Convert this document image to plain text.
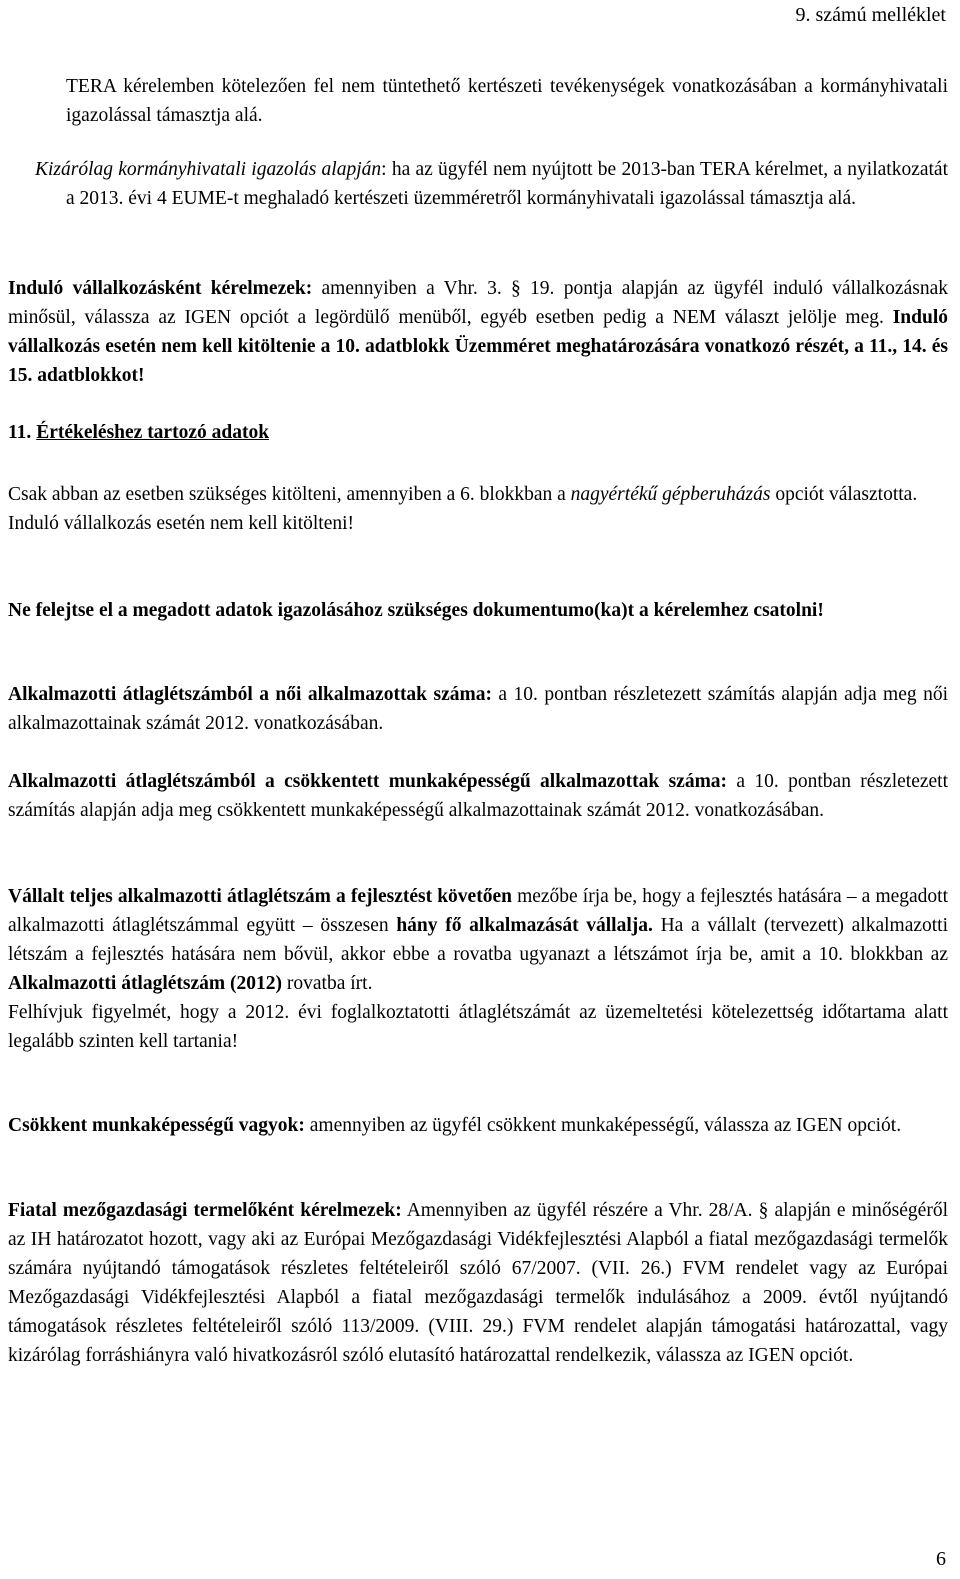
9. számú melléklet

TERA kérelemben kötelezően fel nem tüntethető kertészeti tevékenységek vonatkozásában a kormányhivatali igazolással támasztja alá.

Kizárólag kormányhivatali igazolás alapján: ha az ügyfél nem nyújtott be 2013-ban TERA kérelmet, a nyilatkozatát a 2013. évi 4 EUME-t meghaladó kertészeti üzemméretről kormányhivatali igazolással támasztja alá.

Induló vállalkozásként kérelmezek: amennyiben a Vhr. 3. § 19. pontja alapján az ügyfél induló vállalkozásnak minősül, válassza az IGEN opciót a legördülő menüből, egyéb esetben pedig a NEM választ jelölje meg. Induló vállalkozás esetén nem kell kitöltenie a 10. adatblokk Üzemméret meghatározására vonatkozó részét, a 11., 14. és 15. adatblokkot!

11. Értékeléshez tartozó adatok

Csak abban az esetben szükséges kitölteni, amennyiben a 6. blokkban a nagyértékű gépberuházás opciót választotta.
Induló vállalkozás esetén nem kell kitölteni!

Ne felejtse el a megadott adatok igazolásához szükséges dokumentumo(ka)t a kérelemhez csatolni!

Alkalmazotti átlaglétszámból a női alkalmazottak száma: a 10. pontban részletezett számítás alapján adja meg női alkalmazottainak számát 2012. vonatkozásában.

Alkalmazotti átlaglétszámból a csökkentett munkaképességű alkalmazottak száma: a 10. pontban részletezett számítás alapján adja meg csökkentett munkaképességű alkalmazottainak számát 2012. vonatkozásában.

Vállalt teljes alkalmazotti átlaglétszám a fejlesztést követően mezőbe írja be, hogy a fejlesztés hatására – a megadott alkalmazotti átlaglétszámmal együtt – összesen hány fő alkalmazását vállalja. Ha a vállalt (tervezett) alkalmazotti létszám a fejlesztés hatására nem bővül, akkor ebbe a rovatba ugyanazt a létszámot írja be, amit a 10. blokkban az Alkalmazotti átlaglétszám (2012) rovatba írt.
Felhívjuk figyelmét, hogy a 2012. évi foglalkoztatotti átlaglétszámát az üzemeltetési kötelezettség időtartama alatt legalább szinten kell tartania!

Csökkent munkaképességű vagyok: amennyiben az ügyfél csökkent munkaképességű, válassza az IGEN opciót.

Fiatal mezőgazdasági termelőként kérelmezek: Amennyiben az ügyfél részére a Vhr. 28/A. § alapján e minőségéről az IH határozatot hozott, vagy aki az Európai Mezőgazdasági Vidékfejlesztési Alapból a fiatal mezőgazdasági termelők számára nyújtandó támogatások részletes feltételeiről szóló 67/2007. (VII. 26.) FVM rendelet vagy az Európai Mezőgazdasági Vidékfejlesztési Alapból a fiatal mezőgazdasági termelők indulásához a 2009. évtől nyújtandó támogatások részletes feltételeiről szóló 113/2009. (VIII. 29.) FVM rendelet alapján támogatási határozattal, vagy kizárólag forráshiányra való hivatkozásról szóló elutasító határozattal rendelkezik, válassza az IGEN opciót.

6
